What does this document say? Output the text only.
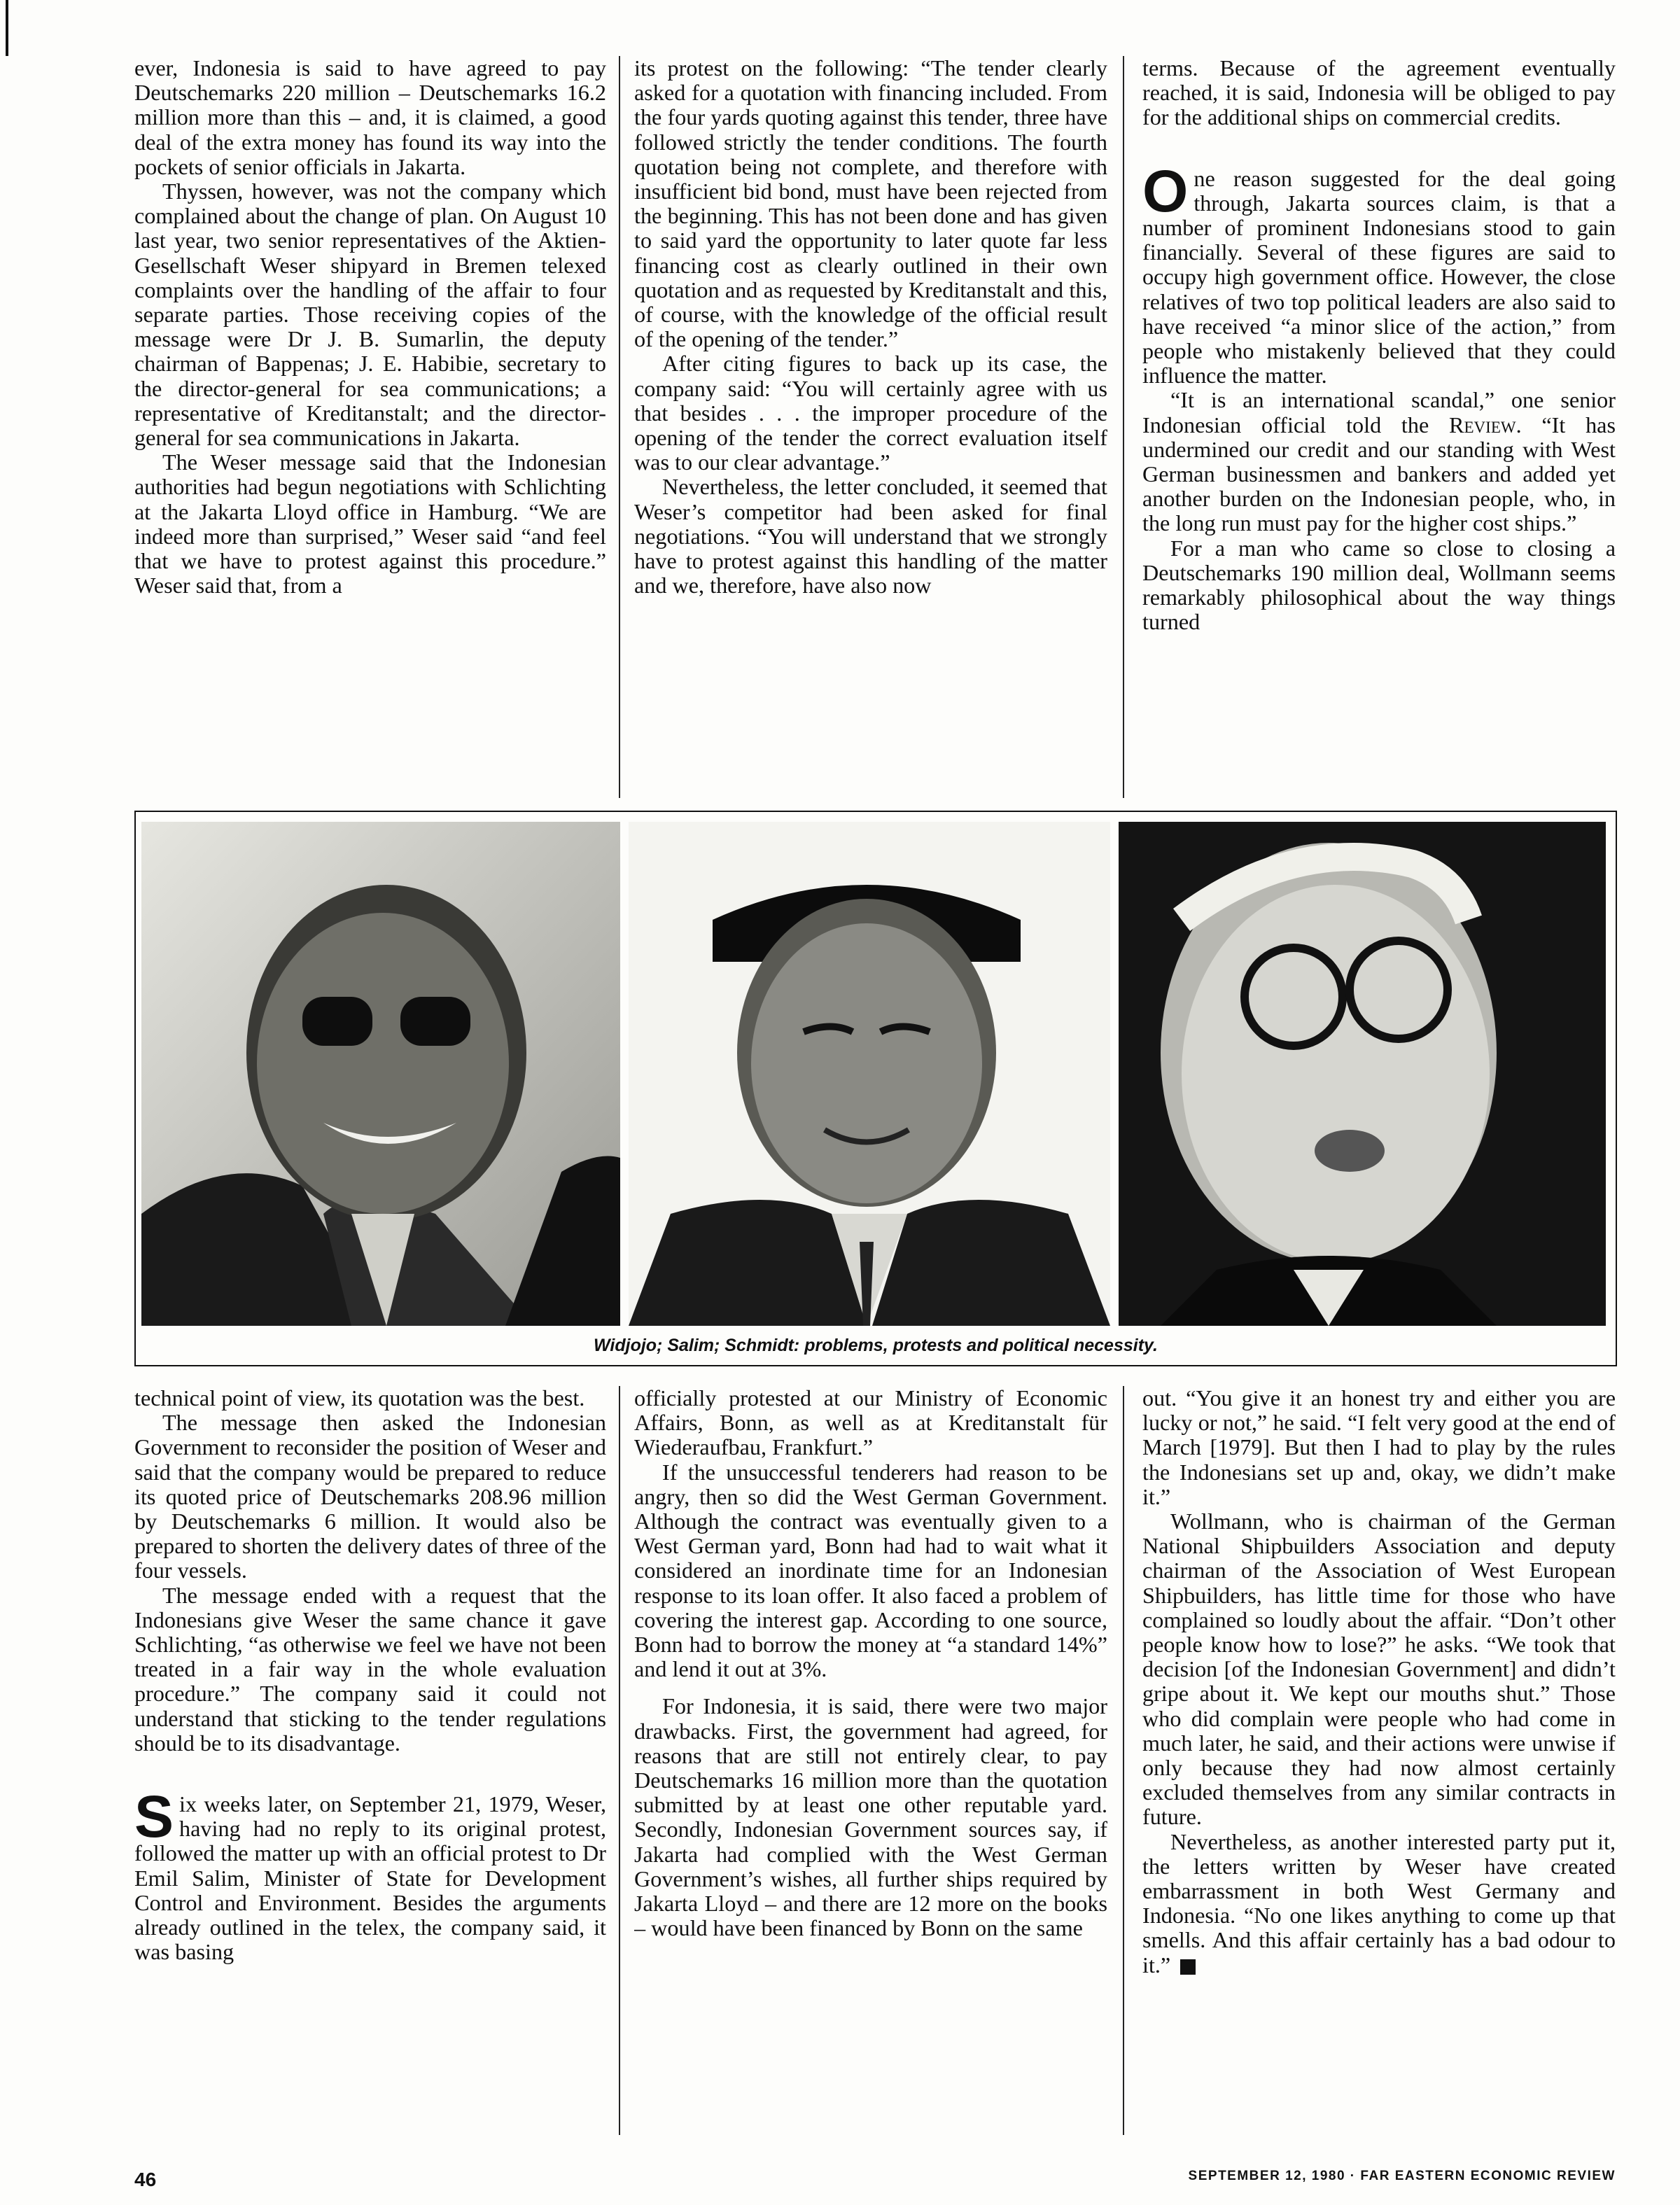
ever, Indonesia is said to have agreed to pay Deutschemarks 220 million – Deutschemarks 16.2 million more than this – and, it is claimed, a good deal of the extra money has found its way into the pockets of senior officials in Jakarta.

Thyssen, however, was not the company which complained about the change of plan. On August 10 last year, two senior representatives of the Aktien-Gesellschaft Weser shipyard in Bremen telexed complaints over the handling of the affair to four separate parties. Those receiving copies of the message were Dr J. B. Sumarlin, the deputy chairman of Bappenas; J. E. Habibie, secretary to the director-general for sea communications; a representative of Kreditanstalt; and the director-general for sea communications in Jakarta.

The Weser message said that the Indonesian authorities had begun negotiations with Schlichting at the Jakarta Lloyd office in Hamburg. “We are indeed more than surprised,” Weser said “and feel that we have to protest against this procedure.” Weser said that, from a

its protest on the following: “The tender clearly asked for a quotation with financing included. From the four yards quoting against this tender, three have followed strictly the tender conditions. The fourth quotation being not complete, and therefore with insufficient bid bond, must have been rejected from the beginning. This has not been done and has given to said yard the opportunity to later quote far less financing cost as clearly outlined in their own quotation and as requested by Kreditanstalt and this, of course, with the knowledge of the official result of the opening of the tender.”

After citing figures to back up its case, the company said: “You will certainly agree with us that besides . . . the improper procedure of the opening of the tender the correct evaluation itself was to our clear advantage.”

Nevertheless, the letter concluded, it seemed that Weser’s competitor had been asked for final negotiations. “You will understand that we strongly have to protest against this handling of the matter and we, therefore, have also now

terms. Because of the agreement eventually reached, it is said, Indonesia will be obliged to pay for the additional ships on commercial credits.

One reason suggested for the deal going through, Jakarta sources claim, is that a number of prominent Indonesians stood to gain financially. Several of these figures are said to occupy high government office. However, the close relatives of two top political leaders are also said to have received “a minor slice of the action,” from people who mistakenly believed that they could influence the matter.

“It is an international scandal,” one senior Indonesian official told the Review. “It has undermined our credit and our standing with West German businessmen and bankers and added yet another burden on the Indonesian people, who, in the long run must pay for the higher cost ships.”

For a man who came so close to closing a Deutschemarks 190 million deal, Wollmann seems remarkably philosophical about the way things turned

Widjojo; Salim; Schmidt: problems, protests and political necessity.

technical point of view, its quotation was the best.

The message then asked the Indonesian Government to reconsider the position of Weser and said that the company would be prepared to reduce its quoted price of Deutschemarks 208.96 million by Deutschemarks 6 million. It would also be prepared to shorten the delivery dates of three of the four vessels.

The message ended with a request that the Indonesians give Weser the same chance it gave Schlichting, “as otherwise we feel we have not been treated in a fair way in the whole evaluation procedure.” The company said it could not understand that sticking to the tender regulations should be to its disadvantage.

Six weeks later, on September 21, 1979, Weser, having had no reply to its original protest, followed the matter up with an official protest to Dr Emil Salim, Minister of State for Development Control and Environment. Besides the arguments already outlined in the telex, the company said, it was basing

officially protested at our Ministry of Economic Affairs, Bonn, as well as at Kreditanstalt für Wiederaufbau, Frankfurt.”

If the unsuccessful tenderers had reason to be angry, then so did the West German Government. Although the contract was eventually given to a West German yard, Bonn had had to wait what it considered an inordinate time for an Indonesian response to its loan offer. It also faced a problem of covering the interest gap. According to one source, Bonn had to borrow the money at “a standard 14%” and lend it out at 3%.

For Indonesia, it is said, there were two major drawbacks. First, the government had agreed, for reasons that are still not entirely clear, to pay Deutschemarks 16 million more than the quotation submitted by at least one other reputable yard. Secondly, Indonesian Government sources say, if Jakarta had complied with the West German Government’s wishes, all further ships required by Jakarta Lloyd – and there are 12 more on the books – would have been financed by Bonn on the same

out. “You give it an honest try and either you are lucky or not,” he said. “I felt very good at the end of March [1979]. But then I had to play by the rules the Indonesians set up and, okay, we didn’t make it.”

Wollmann, who is chairman of the German National Shipbuilders Association and deputy chairman of the Association of West European Shipbuilders, has little time for those who have complained so loudly about the affair. “Don’t other people know how to lose?” he asks. “We took that decision [of the Indonesian Government] and didn’t gripe about it. We kept our mouths shut.” Those who did complain were people who had come in much later, he said, and their actions were unwise if only because they had now almost certainly excluded themselves from any similar contracts in future.

Nevertheless, as another interested party put it, the letters written by Weser have created embarrassment in both West Germany and Indonesia. “No one likes anything to come up that smells. And this affair certainly has a bad odour to it.”

46	SEPTEMBER 12, 1980 · FAR EASTERN ECONOMIC REVIEW
